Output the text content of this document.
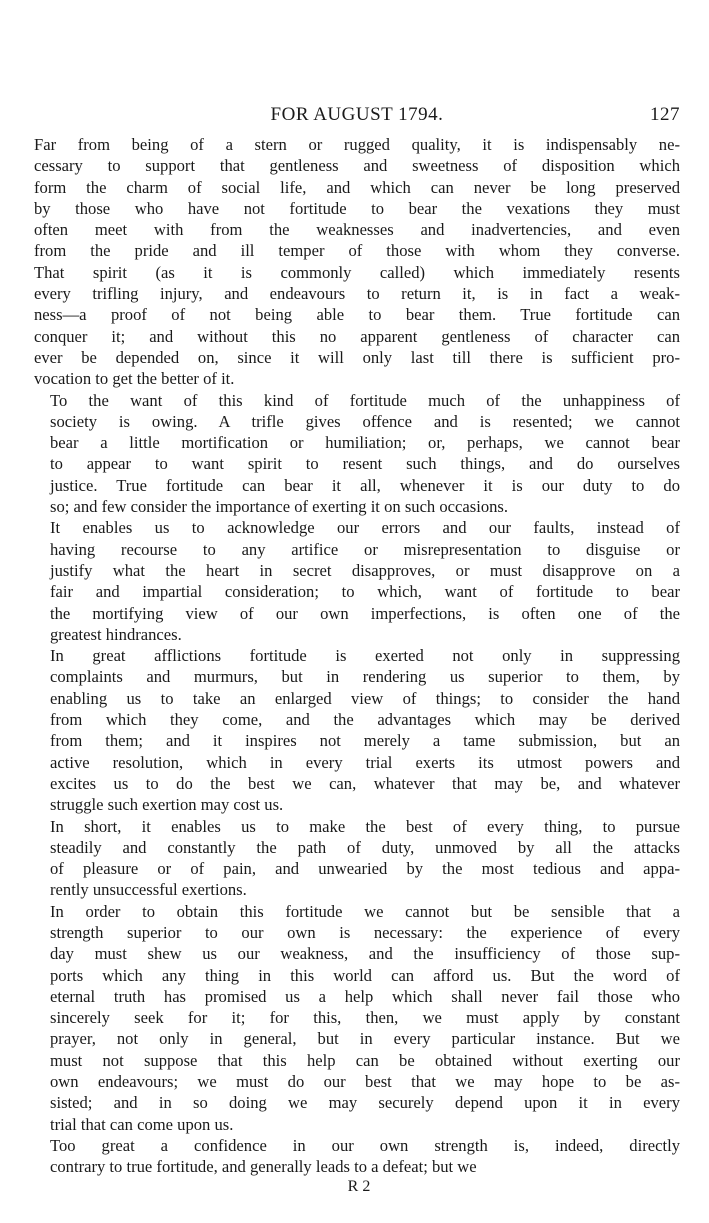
FOR AUGUST 1794.	127

Far from being of a stern or rugged quality, it is indispensably ne-
cessary to support that gentleness and sweetness of disposition which
form the charm of social life, and which can never be long preserved
by those who have not fortitude to bear the vexations they must
often meet with from the weaknesses and inadvertencies, and even
from the pride and ill temper of those with whom they converse.
That spirit (as it is commonly called) which immediately resents
every trifling injury, and endeavours to return it, is in fact a weak-
ness—a proof of not being able to bear them. True fortitude can
conquer it; and without this no apparent gentleness of character can
ever be depended on, since it will only last till there is sufficient pro-
vocation to get the better of it.

To the want of this kind of fortitude much of the unhappiness of
society is owing. A trifle gives offence and is resented; we cannot
bear a little mortification or humiliation; or, perhaps, we cannot bear
to appear to want spirit to resent such things, and do ourselves
justice. True fortitude can bear it all, whenever it is our duty to do
so; and few consider the importance of exerting it on such occasions.

It enables us to acknowledge our errors and our faults, instead of
having recourse to any artifice or misrepresentation to disguise or
justify what the heart in secret disapproves, or must disapprove on a
fair and impartial consideration; to which, want of fortitude to bear
the mortifying view of our own imperfections, is often one of the
greatest hindrances.

In great afflictions fortitude is exerted not only in suppressing
complaints and murmurs, but in rendering us superior to them, by
enabling us to take an enlarged view of things; to consider the hand
from which they come, and the advantages which may be derived
from them; and it inspires not merely a tame submission, but an
active resolution, which in every trial exerts its utmost powers and
excites us to do the best we can, whatever that may be, and whatever
struggle such exertion may cost us.

In short, it enables us to make the best of every thing, to pursue
steadily and constantly the path of duty, unmoved by all the attacks
of pleasure or of pain, and unwearied by the most tedious and appa-
rently unsuccessful exertions.

In order to obtain this fortitude we cannot but be sensible that a
strength superior to our own is necessary: the experience of every
day must shew us our weakness, and the insufficiency of those sup-
ports which any thing in this world can afford us. But the word of
eternal truth has promised us a help which shall never fail those who
sincerely seek for it; for this, then, we must apply by constant
prayer, not only in general, but in every particular instance. But we
must not suppose that this help can be obtained without exerting our
own endeavours; we must do our best that we may hope to be as-
sisted; and in so doing we may securely depend upon it in every
trial that can come upon us.

Too great a confidence in our own strength is, indeed, directly
contrary to true fortitude, and generally leads to a defeat; but we

R 2
